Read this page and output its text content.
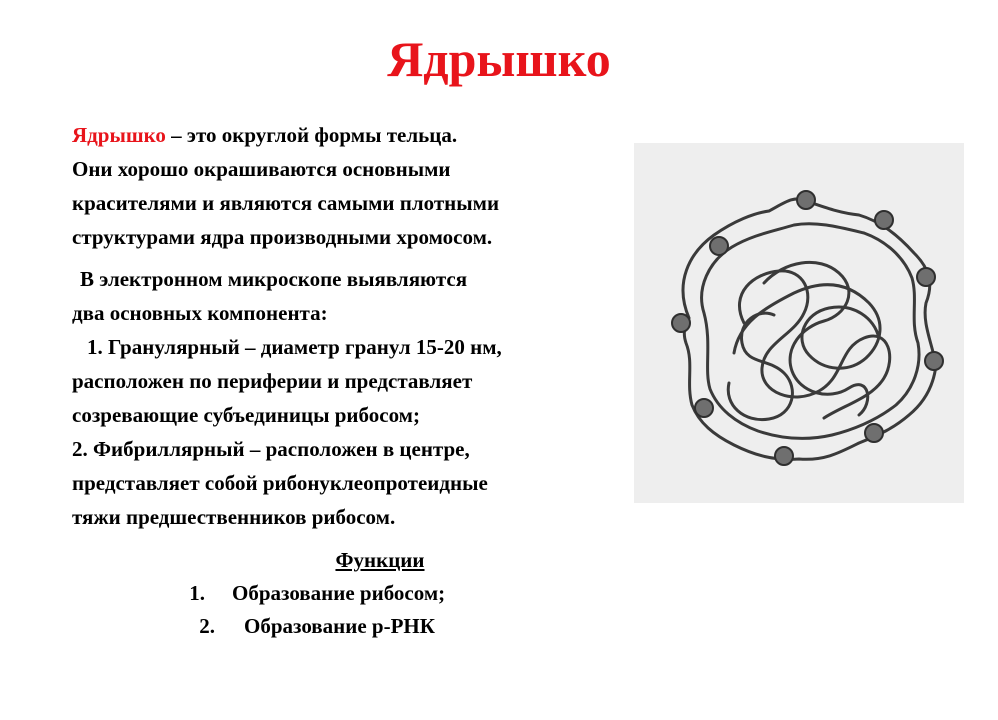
Ядрышко

Ядрышко – это округлой формы тельца.

Они хорошо окрашиваются основными

красителями и являются самыми плотными

структурами ядра производными хромосом.

В электронном микроскопе выявляются

два основных компонента:

1. Гранулярный – диаметр гранул 15-20 нм,

расположен по периферии и представляет

созревающие субъединицы рибосом;

2. Фибриллярный – расположен в центре,

представляет собой рибонуклеопротеидные

тяжи предшественников рибосом.

Функции
1. Образование рибосом;
2. Образование р-РНК
